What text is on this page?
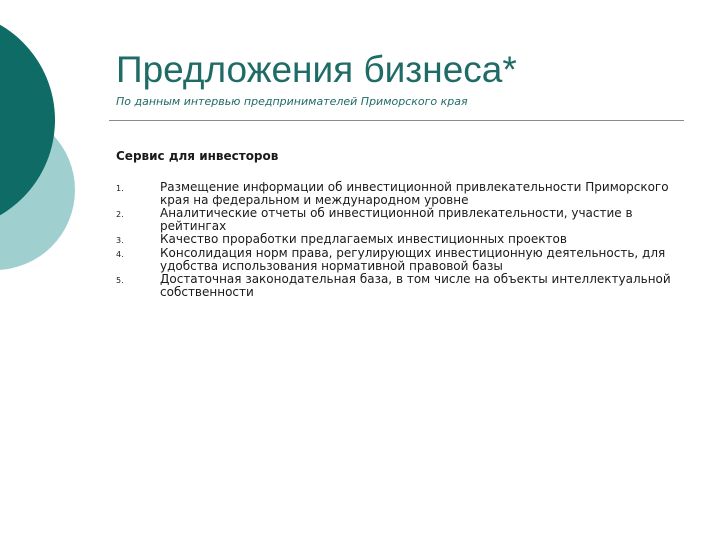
Предложения бизнеса*

По данным интервью предпринимателей Приморского края

Сервис для инвесторов
1.	Размещение информации об инвестиционной привлекательности Приморского края на федеральном и международном уровне
2.	Аналитические отчеты об инвестиционной привлекательности, участие в рейтингах
3.	Качество проработки предлагаемых инвестиционных проектов
4.	Консолидация норм права, регулирующих инвестиционную деятельность, для удобства использования нормативной правовой базы
5.	Достаточная законодательная база, в том числе на объекты интеллектуальной собственности
